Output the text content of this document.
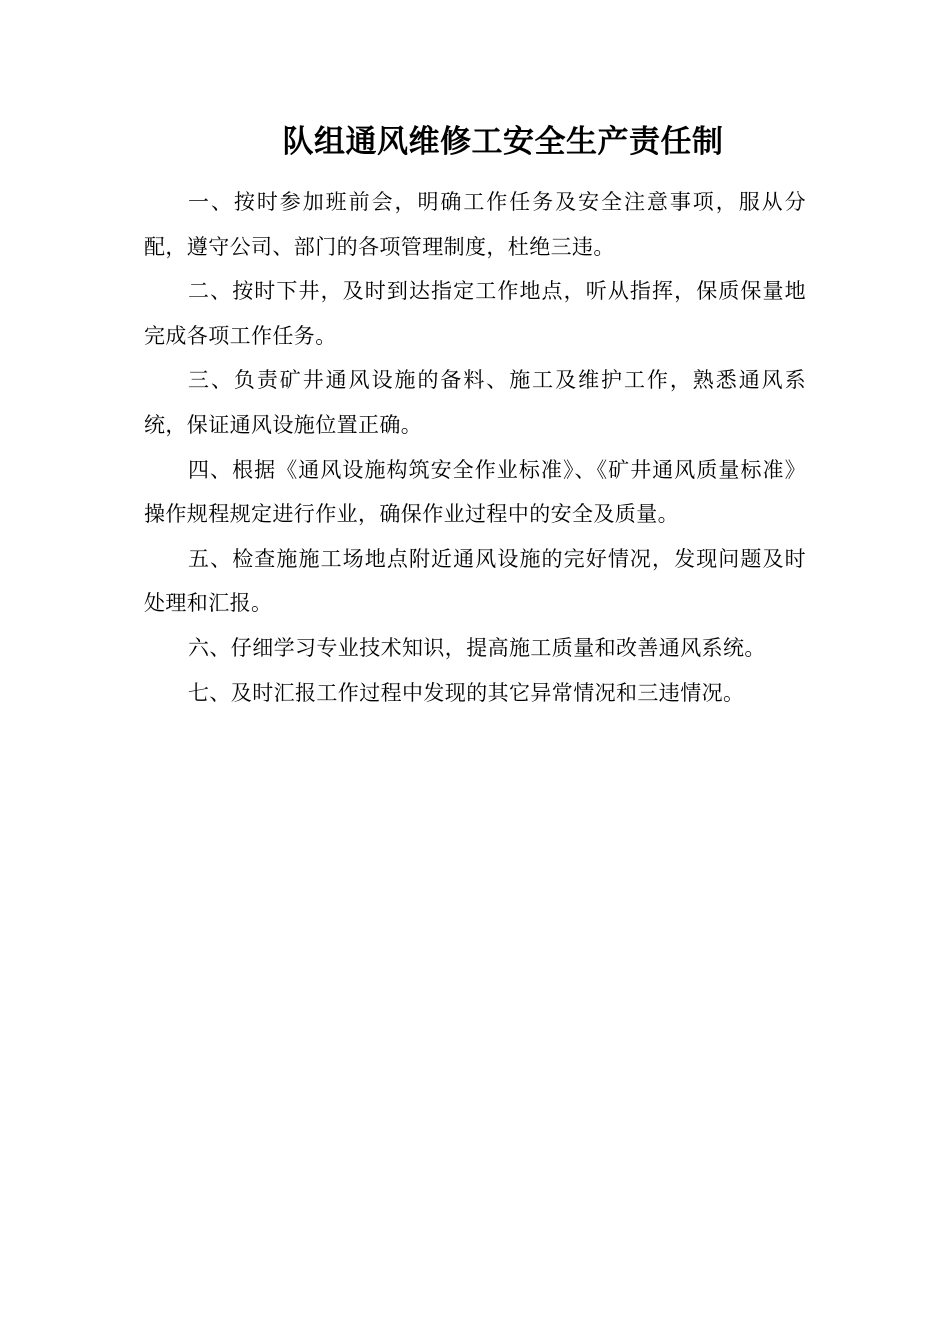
队组通风维修工安全生产责任制

一、按时参加班前会，明确工作任务及安全注意事项，服从分配，遵守公司、部门的各项管理制度，杜绝三违。

二、按时下井，及时到达指定工作地点，听从指挥，保质保量地完成各项工作任务。

三、负责矿井通风设施的备料、施工及维护工作，熟悉通风系统，保证通风设施位置正确。

四、根据《通风设施构筑安全作业标准》、《矿井通风质量标准》操作规程规定进行作业，确保作业过程中的安全及质量。

五、检查施施工场地点附近通风设施的完好情况，发现问题及时处理和汇报。

六、仔细学习专业技术知识，提高施工质量和改善通风系统。

七、及时汇报工作过程中发现的其它异常情况和三违情况。
